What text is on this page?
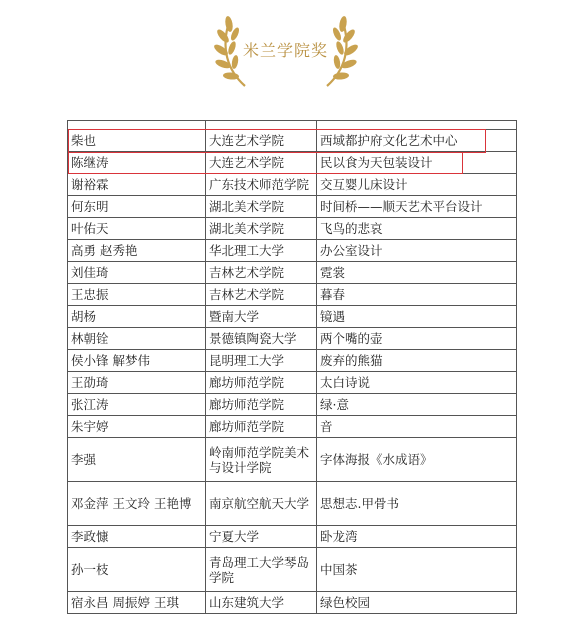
米兰学院奖

柴也	大连艺术学院	西域都护府文化艺术中心
陈继涛	大连艺术学院	民以食为天包装设计
谢裕霖	广东技术师范学院	交互婴儿床设计
何东明	湖北美术学院	时间桥——顺天艺术平台设计
叶佑天	湖北美术学院	飞鸟的悲哀
高勇 赵秀艳	华北理工大学	办公室设计
刘佳琦	吉林艺术学院	霓裳
王忠振	吉林艺术学院	暮春
胡杨	暨南大学	镜遇
林朝铨	景德镇陶瓷大学	两个嘴的壶
侯小锋 解梦伟	昆明理工大学	废弃的熊猫
王劭琦	廊坊师范学院	太白诗说
张江涛	廊坊师范学院	绿·意
朱宇婷	廊坊师范学院	音
李强	岭南师范学院美术与设计学院	字体海报《水成语》
邓金萍 王文玲 王艳博	南京航空航天大学	思想志.甲骨书
李政慷	宁夏大学	卧龙湾
孙一枝	青岛理工大学琴岛学院	中国茶
宿永昌 周振婷 王琪	山东建筑大学	绿色校园
